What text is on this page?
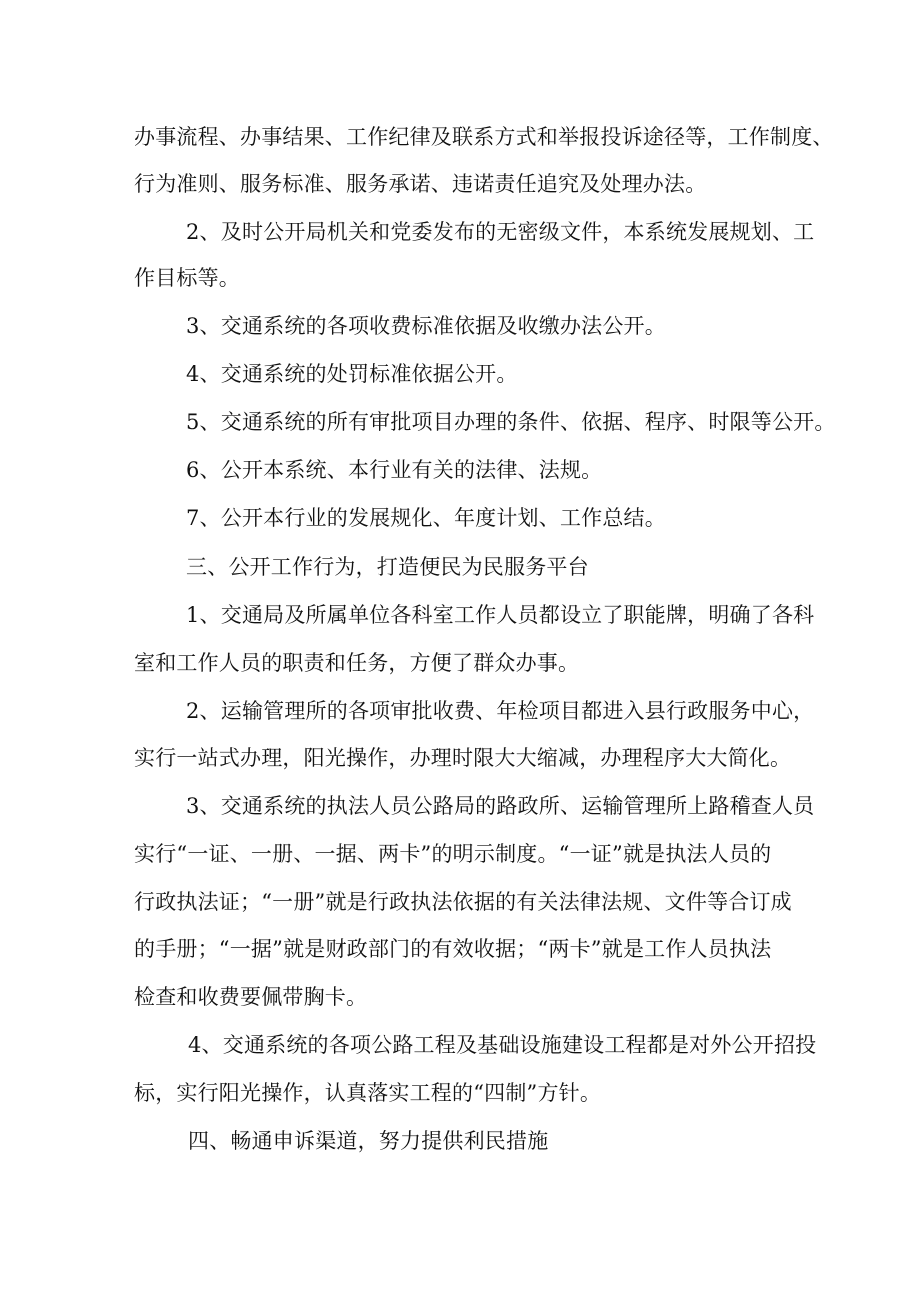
办事流程、办事结果、工作纪律及联系方式和举报投诉途径等，工作制度、
行为准则、服务标准、服务承诺、违诺责任追究及处理办法。
2、及时公开局机关和党委发布的无密级文件，本系统发展规划、工
作目标等。
3、交通系统的各项收费标准依据及收缴办法公开。
4、交通系统的处罚标准依据公开。
5、交通系统的所有审批项目办理的条件、依据、程序、时限等公开。
6、公开本系统、本行业有关的法律、法规。
7、公开本行业的发展规化、年度计划、工作总结。
三、公开工作行为，打造便民为民服务平台
1、交通局及所属单位各科室工作人员都设立了职能牌，明确了各科
室和工作人员的职责和任务，方便了群众办事。
2、运输管理所的各项审批收费、年检项目都进入县行政服务中心，
实行一站式办理，阳光操作，办理时限大大缩减，办理程序大大简化。
3、交通系统的执法人员公路局的路政所、运输管理所上路稽查人员
实行“一证、一册、一据、两卡”的明示制度。“一证”就是执法人员的
行政执法证；“一册”就是行政执法依据的有关法律法规、文件等合订成
的手册；“一据”就是财政部门的有效收据；“两卡”就是工作人员执法
检查和收费要佩带胸卡。
4、交通系统的各项公路工程及基础设施建设工程都是对外公开招投
标，实行阳光操作，认真落实工程的“四制”方针。
四、畅通申诉渠道，努力提供利民措施
